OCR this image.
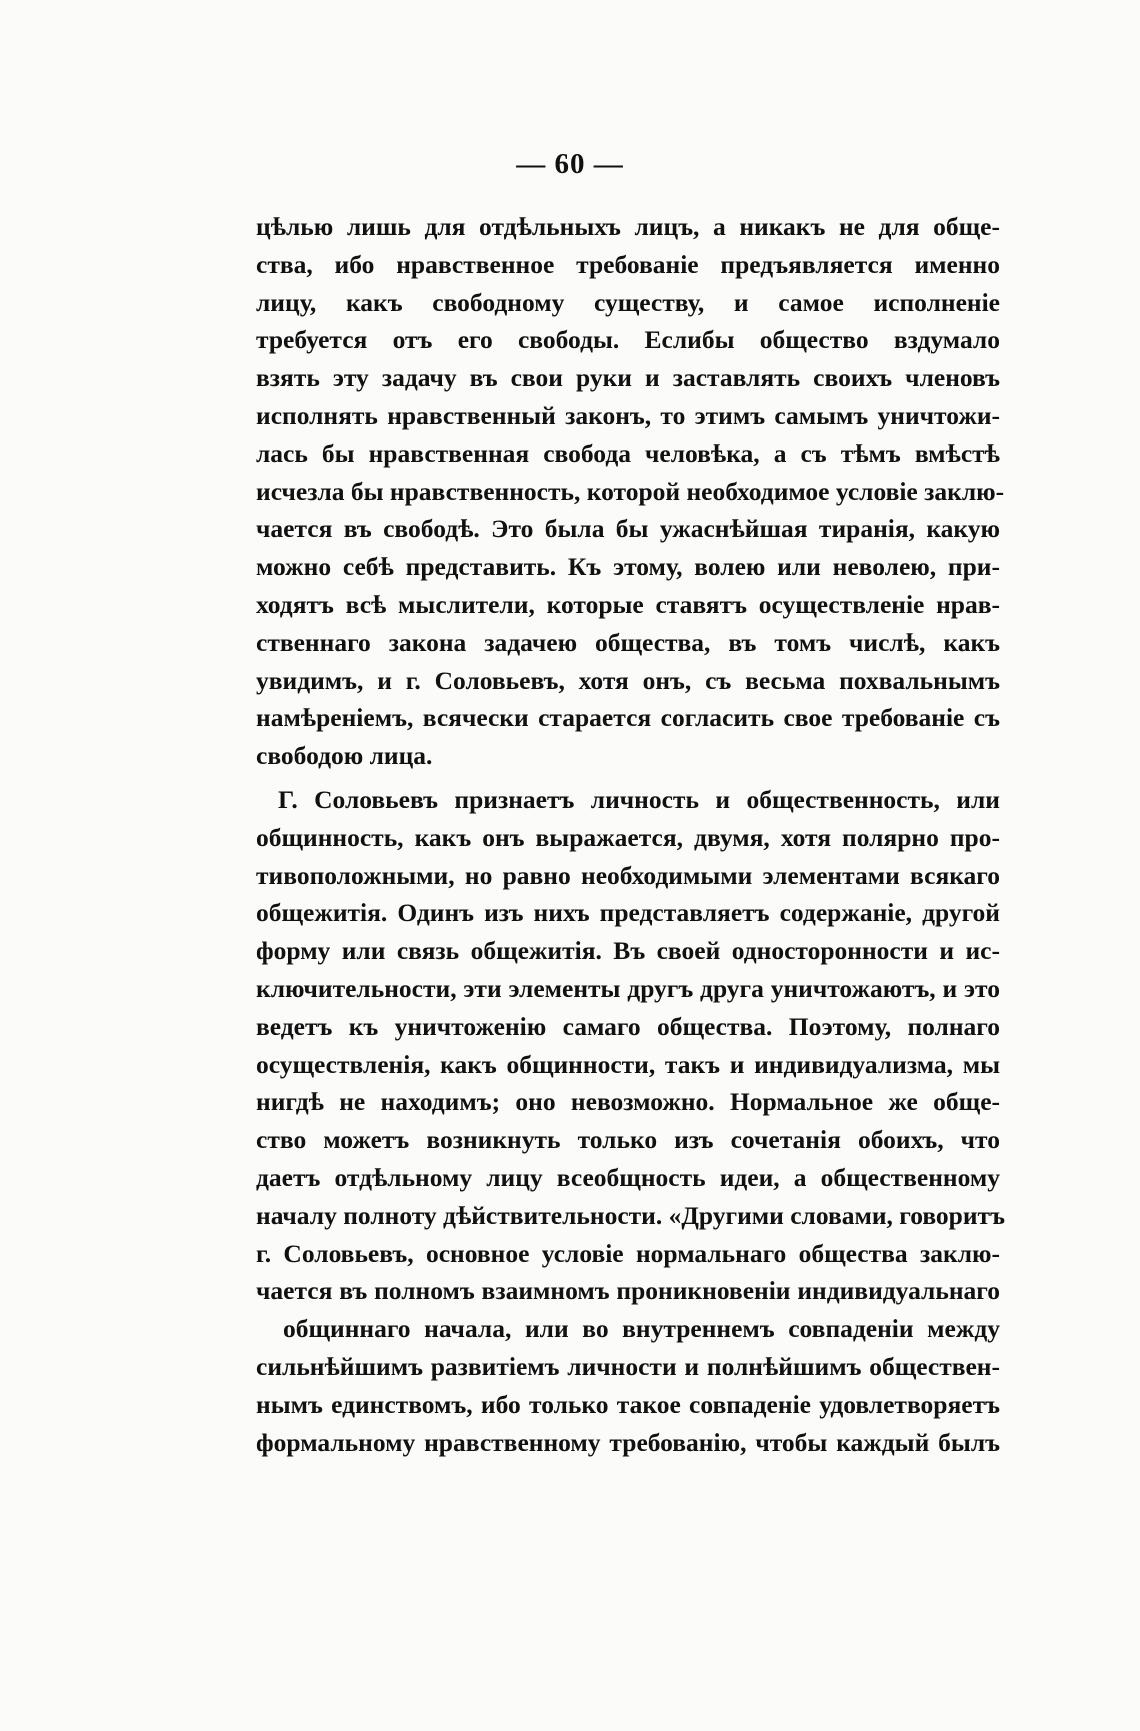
— 60 —
цѣлью лишь для отдѣльныхъ лицъ, а никакъ не для обще-
ства, ибо нравственное требованіе предъявляется именно
лицу, какъ свободному существу, и самое исполненіе
требуется отъ его свободы. Еслибы общество вздумало
взять эту задачу въ свои руки и заставлять своихъ членовъ
исполнять нравственный законъ, то этимъ самымъ уничтожи-
лась бы нравственная свобода человѣка, а съ тѣмъ вмѣстѣ
исчезла бы нравственность, которой необходимое условіе заклю-
чается въ свободѣ. Это была бы ужаснѣйшая тиранія, какую
можно себѣ представить. Къ этому, волею или неволею, при-
ходятъ всѣ мыслители, которые ставятъ осуществленіе нрав-
ственнаго закона задачею общества, въ томъ числѣ, какъ
увидимъ, и г. Соловьевъ, хотя онъ, съ весьма похвальнымъ
намѣреніемъ, всячески старается согласить свое требованіе съ
свободою лица.
Г. Соловьевъ признаетъ личность и общественность, или
общинность, какъ онъ выражается, двумя, хотя полярно про-
тивоположными, но равно необходимыми элементами всякаго
общежитія. Одинъ изъ нихъ представляетъ содержаніе, другой
форму или связь общежитія. Въ своей односторонности и ис-
ключительности, эти элементы другъ друга уничтожаютъ, и это
ведетъ къ уничтоженію самаго общества. Поэтому, полнаго
осуществленія, какъ общинности, такъ и индивидуализма, мы
нигдѣ не находимъ; оно невозможно. Нормальное же обще-
ство можетъ возникнуть только изъ сочетанія обоихъ, что
даетъ отдѣльному лицу всеобщность идеи, а общественному
началу полноту дѣйствительности. «Другими словами, говоритъ
г. Соловьевъ, основное условіе нормальнаго общества заклю-
чается въ полномъ взаимномъ проникновеніи индивидуальнаго
общиннаго начала, или во внутреннемъ совпаденіи между
сильнѣйшимъ развитіемъ личности и полнѣйшимъ обществен-
нымъ единствомъ, ибо только такое совпаденіе удовлетворяетъ
формальному нравственному требованію, чтобы каждый былъ
